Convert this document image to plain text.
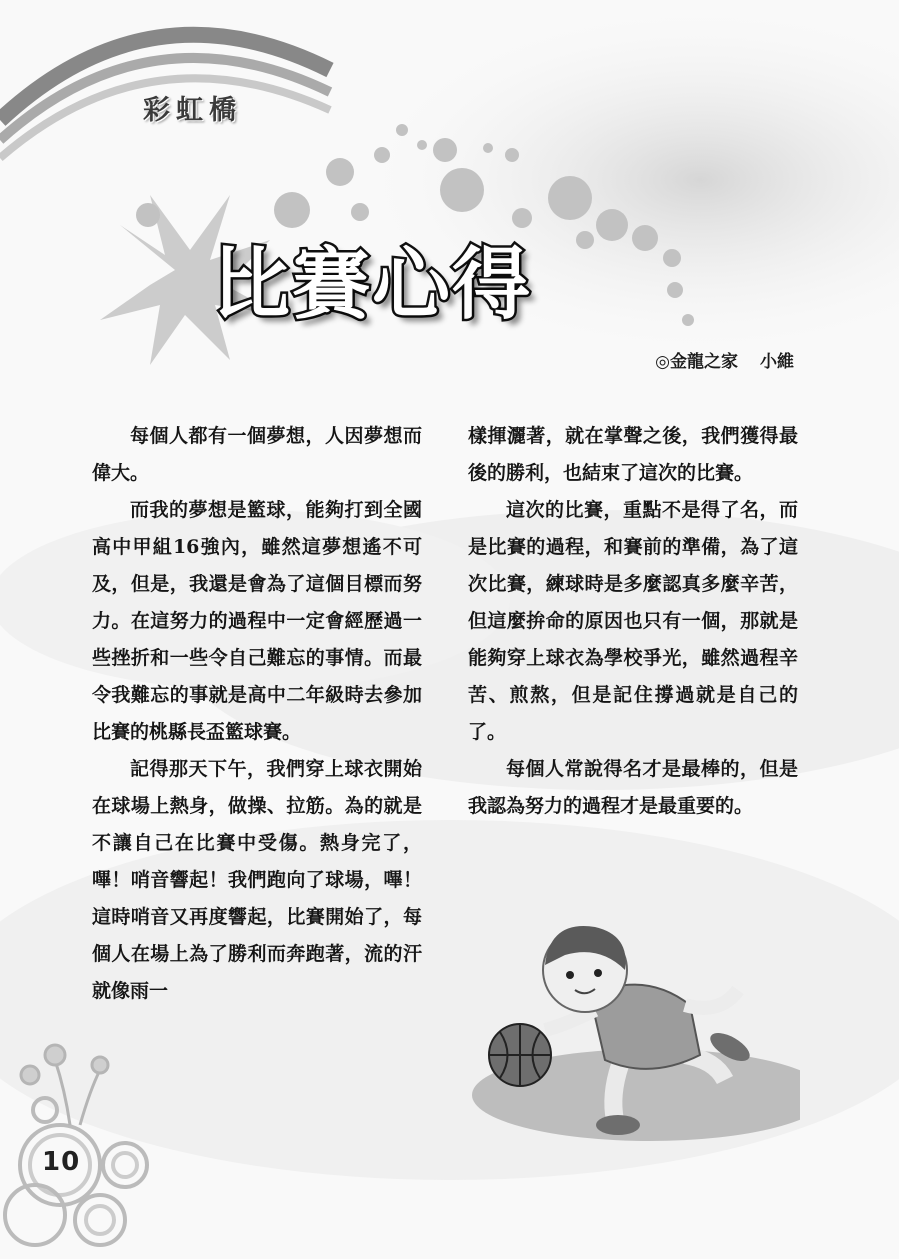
彩虹橋
比賽心得
◎金龍之家 小維

每個人都有一個夢想，人因夢想而偉大。

而我的夢想是籃球，能夠打到全國高中甲組16強內，雖然這夢想遙不可及，但是，我還是會為了這個目標而努力。在這努力的過程中一定會經歷過一些挫折和一些令自己難忘的事情。而最令我難忘的事就是高中二年級時去參加比賽的桃縣長盃籃球賽。

記得那天下午，我們穿上球衣開始在球場上熱身，做操、拉筋。為的就是不讓自己在比賽中受傷。熱身完了，嗶！哨音響起！我們跑向了球場，嗶！這時哨音又再度響起，比賽開始了，每個人在場上為了勝利而奔跑著，流的汗就像雨一

樣揮灑著，就在掌聲之後，我們獲得最後的勝利，也結束了這次的比賽。

這次的比賽，重點不是得了名，而是比賽的過程，和賽前的準備，為了這次比賽，練球時是多麼認真多麼辛苦，但這麼拚命的原因也只有一個，那就是能夠穿上球衣為學校爭光，雖然過程辛苦、煎熬，但是記住撐過就是自己的了。

每個人常說得名才是最棒的，但是我認為努力的過程才是最重要的。

10
